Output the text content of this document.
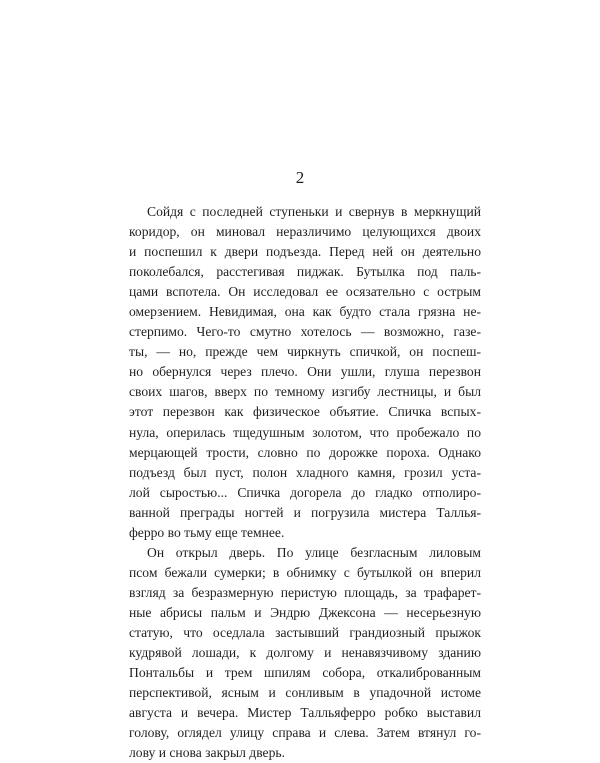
2
Сойдя с последней ступеньки и свернув в меркнущий
коридор, он миновал неразличимо целующихся двоих
и поспешил к двери подъезда. Перед ней он деятельно
поколебался, расстегивая пиджак. Бутылка под паль-
цами вспотела. Он исследовал ее осязательно с острым
омерзением. Невидимая, она как будто стала грязна не-
стерпимо. Чего-то смутно хотелось — возможно, газе-
ты, — но, прежде чем чиркнуть спичкой, он поспеш-
но обернулся через плечо. Они ушли, глуша перезвон
своих шагов, вверх по темному изгибу лестницы, и был
этот перезвон как физическое объятие. Спичка вспых-
нула, оперилась тщедушным золотом, что пробежало по
мерцающей трости, словно по дорожке пороха. Однако
подъезд был пуст, полон хладного камня, грозил уста-
лой сыростью... Спичка догорела до гладко отполиро-
ванной преграды ногтей и погрузила мистера Таллья-
ферро во тьму еще темнее.
Он открыл дверь. По улице безгласным лиловым
псом бежали сумерки; в обнимку с бутылкой он вперил
взгляд за безразмерную перистую площадь, за трафарет-
ные абрисы пальм и Эндрю Джексона — несерьезную
статую, что оседлала застывший грандиозный прыжок
кудрявой лошади, к долгому и ненавязчивому зданию
Понтальбы и трем шпилям собора, откалиброванным
перспективой, ясным и сонливым в упадочной истоме
августа и вечера. Мистер Талльяферро робко выставил
голову, оглядел улицу справа и слева. Затем втянул го-
лову и снова закрыл дверь.
